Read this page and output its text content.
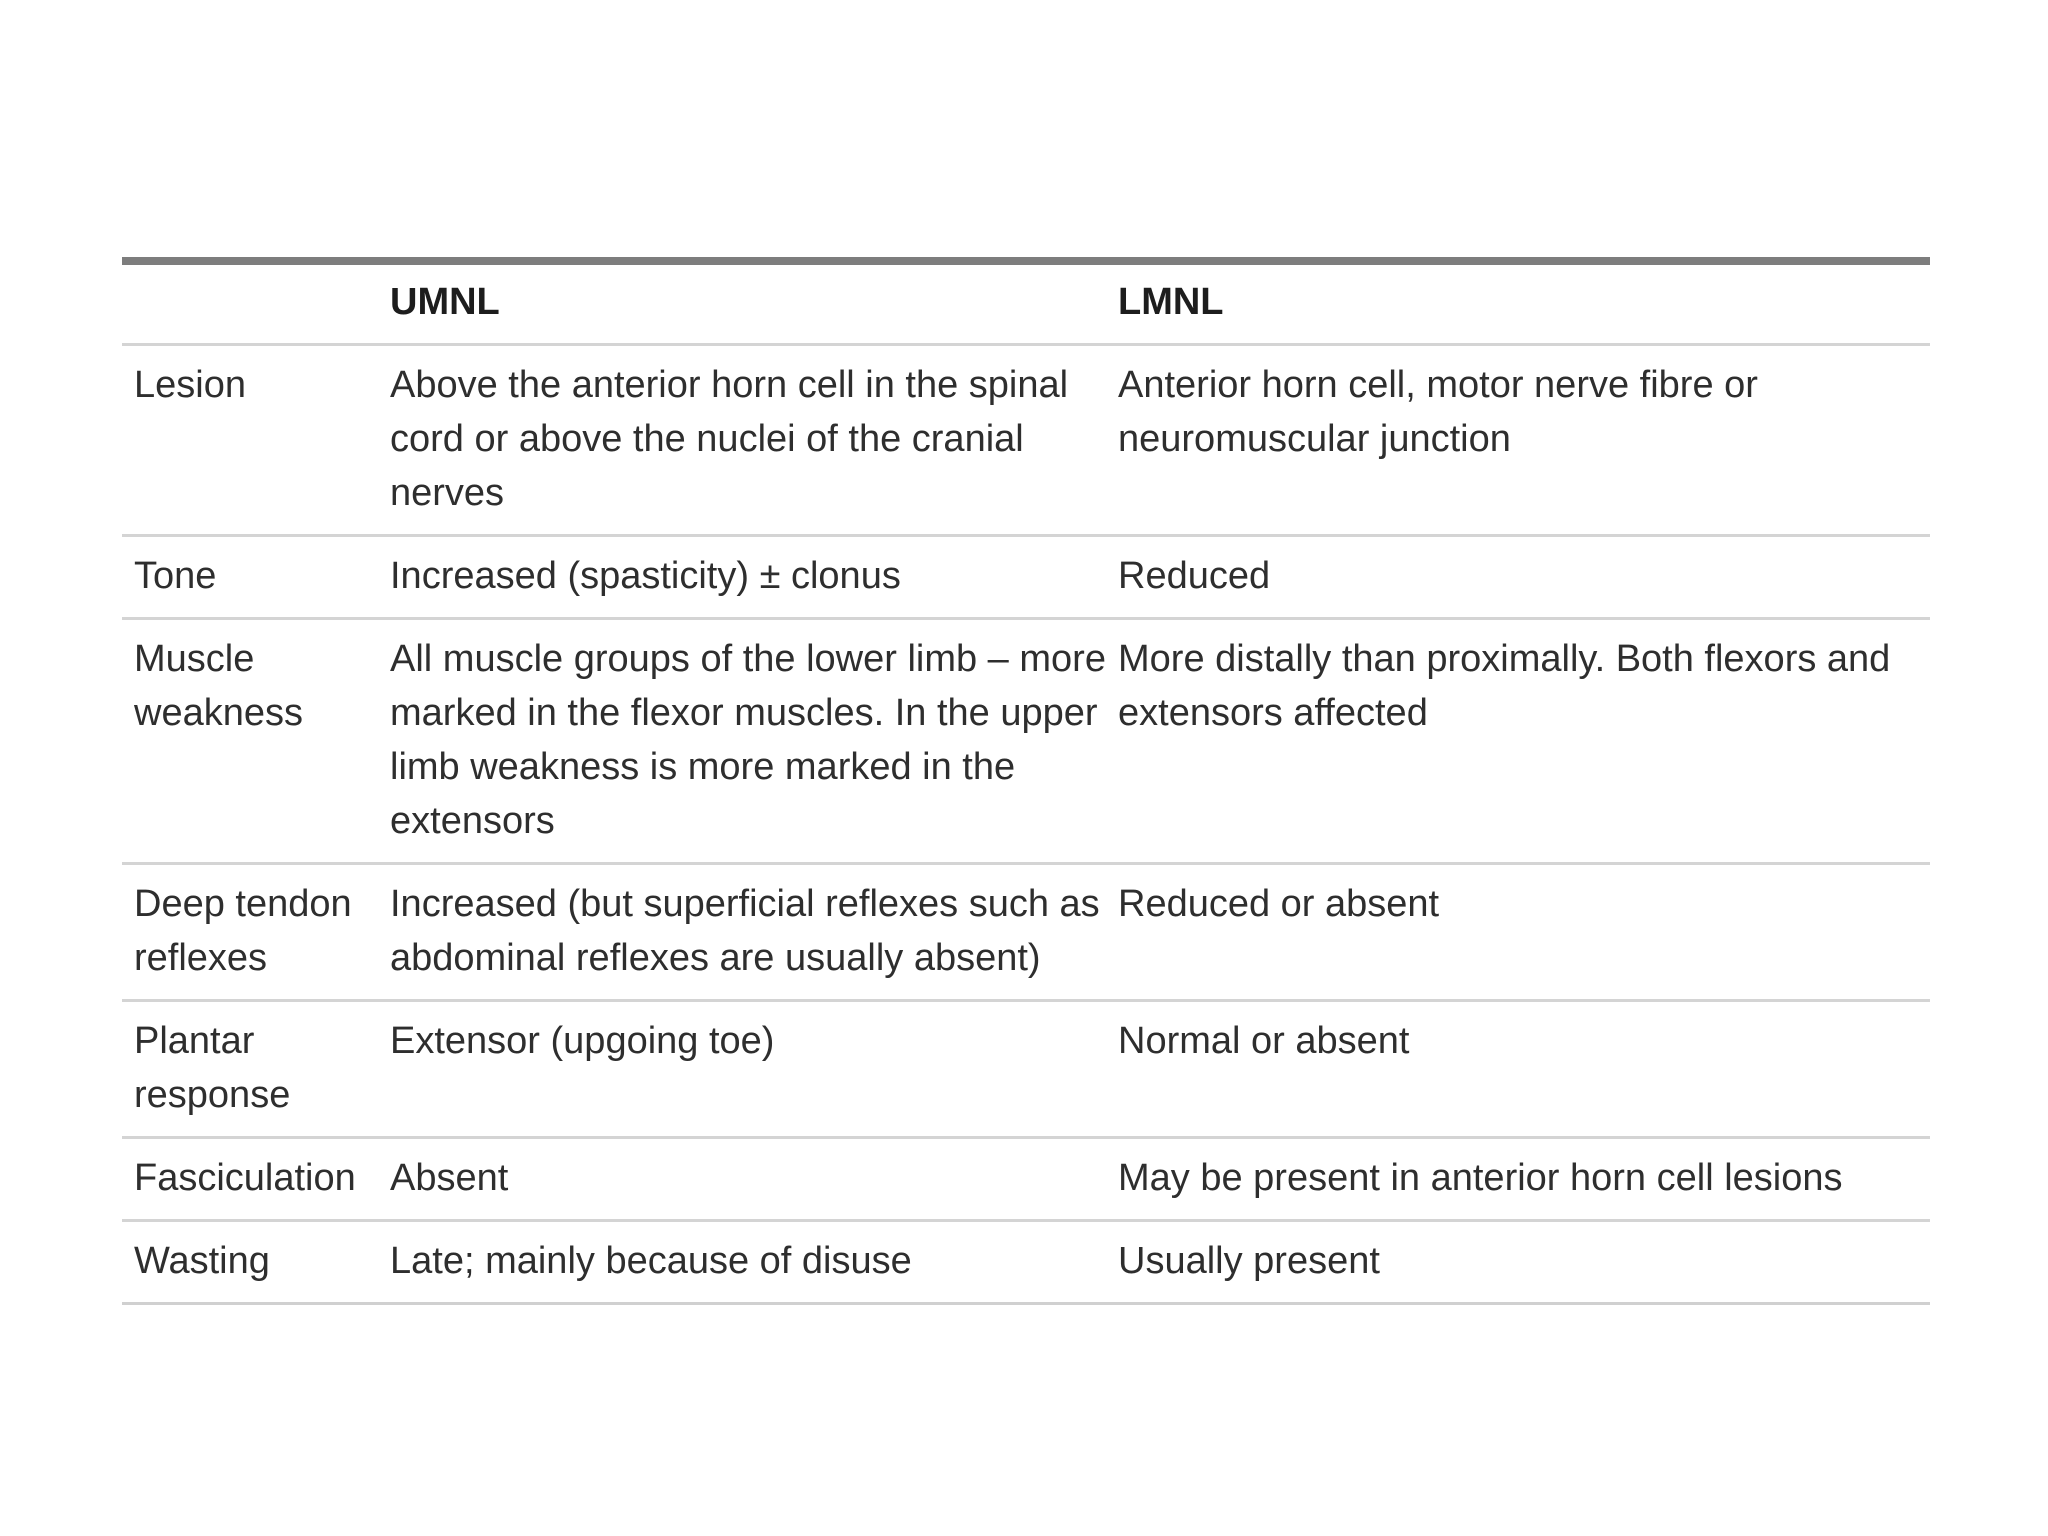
	UMNL	LMNL
Lesion	Above the anterior horn cell in the spinal cord or above the nuclei of the cranial nerves	Anterior horn cell, motor nerve fibre or neuromuscular junction
Tone	Increased (spasticity) ± clonus	Reduced
Muscle weakness	All muscle groups of the lower limb – more marked in the flexor muscles. In the upper limb weakness is more marked in the extensors	More distally than proximally. Both flexors and extensors affected
Deep tendon reflexes	Increased (but superficial reflexes such as abdominal reflexes are usually absent)	Reduced or absent
Plantar response	Extensor (upgoing toe)	Normal or absent
Fasciculation	Absent	May be present in anterior horn cell lesions
Wasting	Late; mainly because of disuse	Usually present
